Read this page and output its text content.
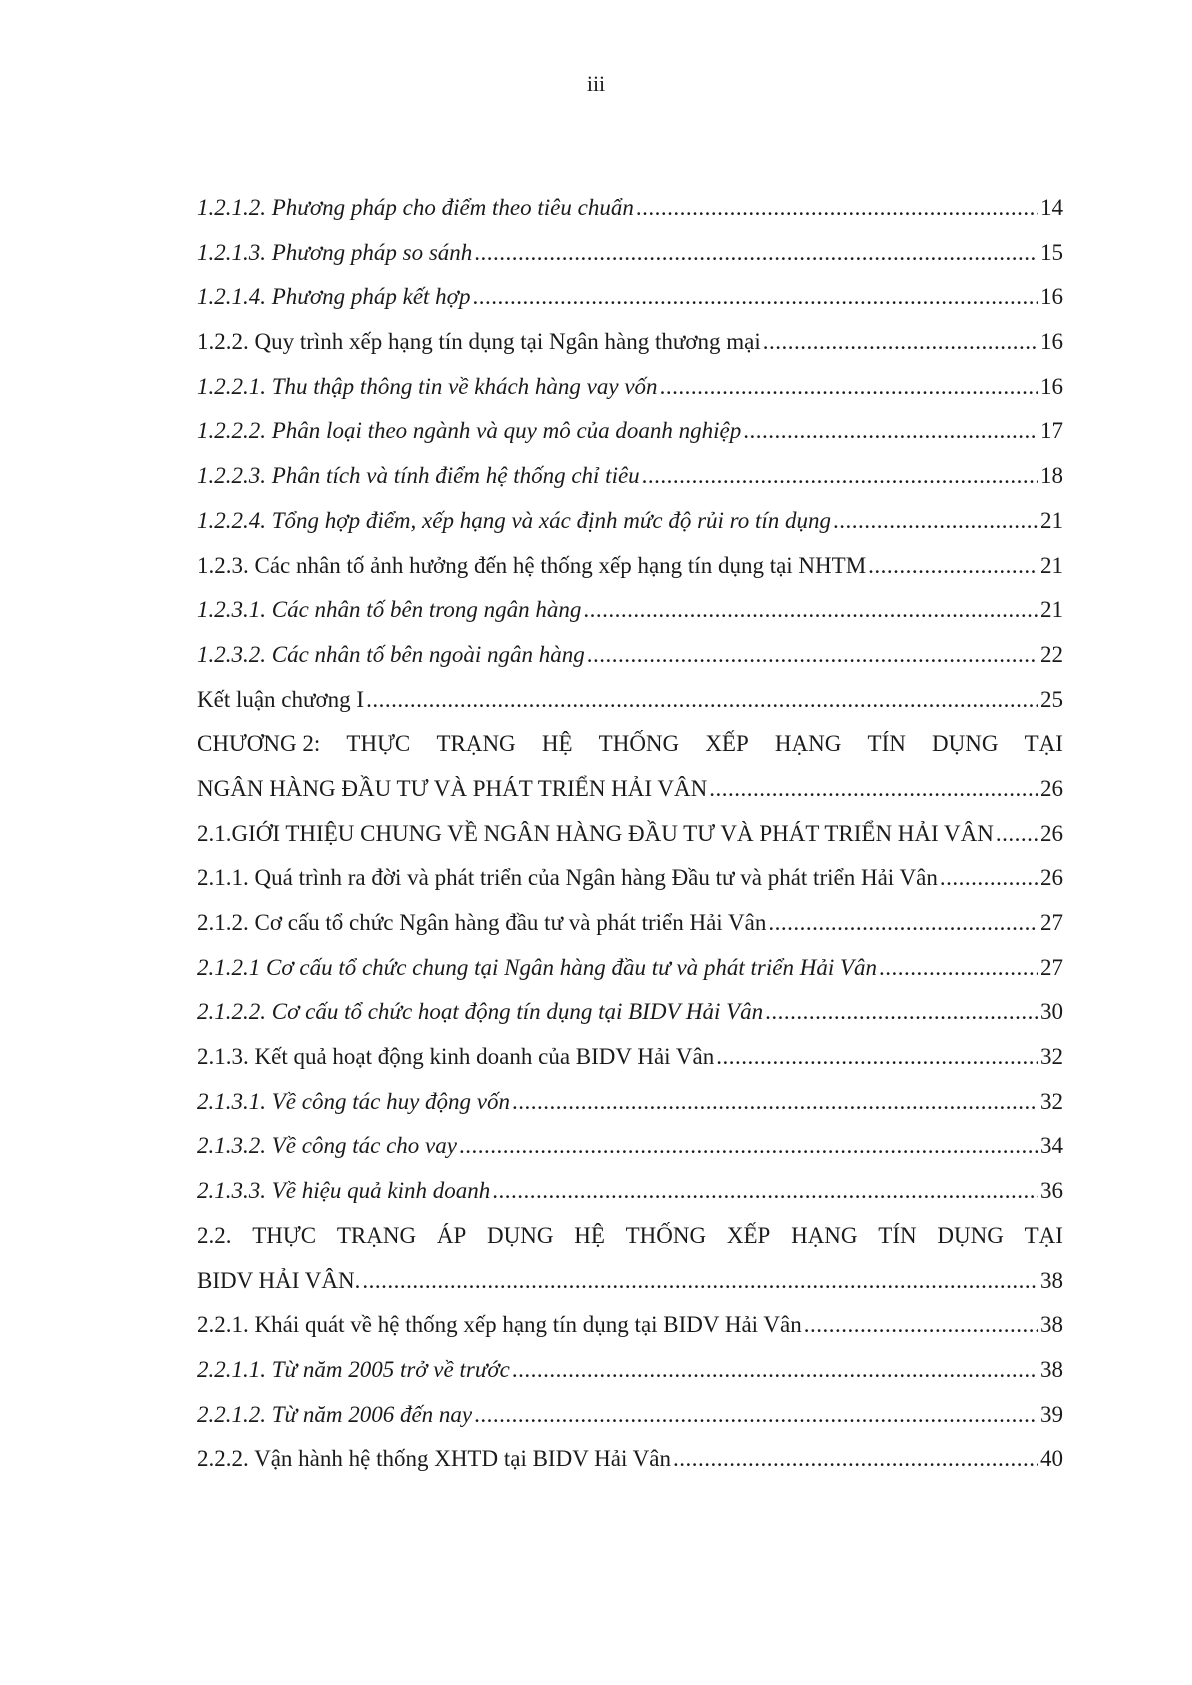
iii
1.2.1.2. Phương pháp cho điểm theo tiêu chuẩn .....	14
1.2.1.3. Phương pháp so sánh .....	15
1.2.1.4. Phương pháp kết hợp .....	16
1.2.2. Quy trình xếp hạng tín dụng tại Ngân hàng thương mại .....	16
1.2.2.1. Thu thập thông tin về khách hàng vay vốn .....	16
1.2.2.2. Phân loại theo ngành và quy mô của doanh nghiệp .....	17
1.2.2.3. Phân tích và tính điểm hệ thống chỉ tiêu .....	18
1.2.2.4. Tổng hợp điểm, xếp hạng và xác định mức độ rủi ro tín dụng .....	21
1.2.3. Các nhân tố ảnh hưởng đến hệ thống xếp hạng tín dụng tại NHTM .....	21
1.2.3.1. Các nhân tố bên trong ngân hàng .....	21
1.2.3.2. Các nhân tố bên ngoài ngân hàng .....	22
Kết luận chương I .....	25
CHƯƠNG 2: THỰC TRẠNG HỆ THỐNG XẾP HẠNG TÍN DỤNG TẠI
NGÂN HÀNG ĐẦU TƯ VÀ PHÁT TRIỂN HẢI VÂN .....	26
2.1.GIỚI THIỆU CHUNG VỀ NGÂN HÀNG ĐẦU TƯ VÀ PHÁT TRIỂN HẢI VÂN ..... 26
2.1.1. Quá trình ra đời và phát triển của Ngân hàng Đầu tư và phát triển Hải Vân .....	26
2.1.2. Cơ cấu tổ chức Ngân hàng đầu tư và phát triển Hải Vân .....	27
2.1.2.1 Cơ cấu tổ chức chung tại Ngân hàng đầu tư và phát triển Hải Vân .....	27
2.1.2.2. Cơ cấu tổ chức hoạt động tín dụng tại BIDV Hải Vân .....	30
2.1.3. Kết quả hoạt động kinh doanh của BIDV Hải Vân .....	32
2.1.3.1. Về công tác huy động vốn .....	32
2.1.3.2. Về công tác cho vay .....	34
2.1.3.3. Về hiệu quả kinh doanh .....	36
2.2. THỰC TRẠNG ÁP DỤNG HỆ THỐNG XẾP HẠNG TÍN DỤNG TẠI
BIDV HẢI VÂN. .....	38
2.2.1. Khái quát về hệ thống xếp hạng tín dụng tại BIDV Hải Vân .....	38
2.2.1.1. Từ năm 2005 trở về trước .....	38
2.2.1.2. Từ năm 2006 đến nay .....	39
2.2.2. Vận hành hệ thống XHTD tại BIDV Hải Vân .....	40
